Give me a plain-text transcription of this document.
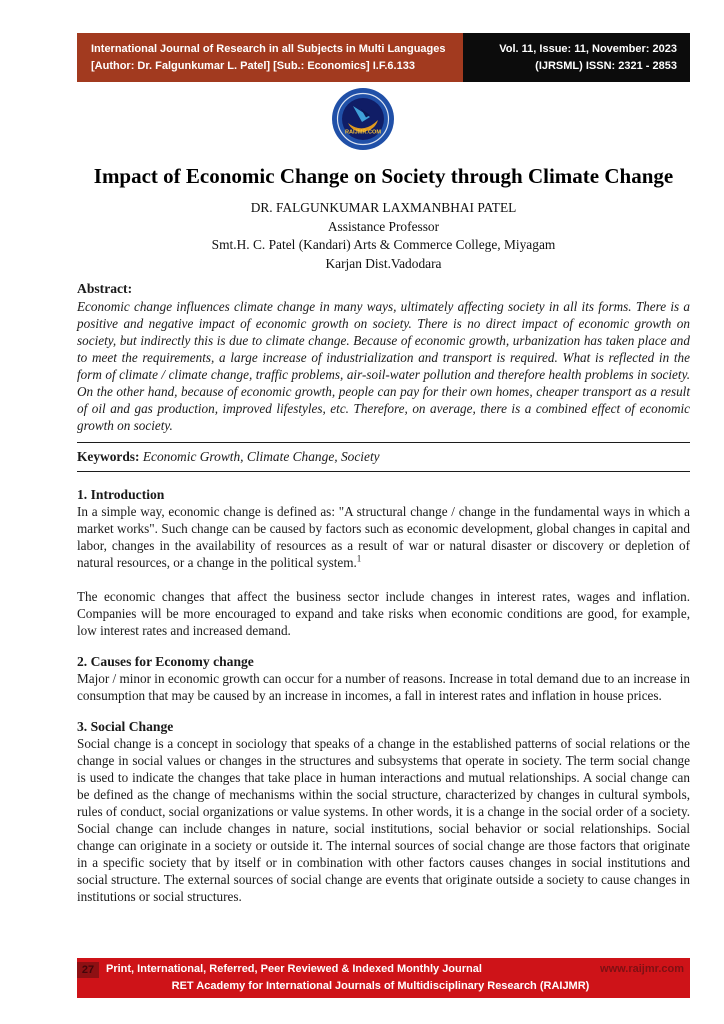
International Journal of Research in all Subjects in Multi Languages
[Author: Dr. Falgunkumar L. Patel] [Sub.: Economics] I.F.6.133
Vol. 11, Issue: 11, November: 2023
(IJRSML) ISSN: 2321 - 2853
RAIJMR.COM
Impact of Economic Change on Society through Climate Change
DR. FALGUNKUMAR LAXMANBHAI PATEL
Assistance Professor
Smt.H. C. Patel (Kandari) Arts & Commerce College, Miyagam
Karjan Dist.Vadodara
Abstract:

Economic change influences climate change in many ways, ultimately affecting society in all its forms. There is a positive and negative impact of economic growth on society. There is no direct impact of economic growth on society, but indirectly this is due to climate change. Because of economic growth, urbanization has taken place and to meet the requirements, a large increase of industrialization and transport is required. What is reflected in the form of climate / climate change, traffic problems, air-soil-water pollution and therefore health problems in society. On the other hand, because of economic growth, people can pay for their own homes, cheaper transport as a result of oil and gas production, improved lifestyles, etc. Therefore, on average, there is a combined effect of economic growth on society.

Keywords: Economic Growth, Climate Change, Society

1. Introduction

In a simple way, economic change is defined as: "A structural change / change in the fundamental ways in which a market works". Such change can be caused by factors such as economic development, global changes in capital and labor, changes in the availability of resources as a result of war or natural disaster or discovery or depletion of natural resources, or a change in the political system.$^1$

The economic changes that affect the business sector include changes in interest rates, wages and inflation. Companies will be more encouraged to expand and take risks when economic conditions are good, for example, low interest rates and increased demand.

2. Causes for Economy change

Major / minor in economic growth can occur for a number of reasons. Increase in total demand due to an increase in consumption that may be caused by an increase in incomes, a fall in interest rates and inflation in house prices.

3. Social Change

Social change is a concept in sociology that speaks of a change in the established patterns of social relations or the change in social values or changes in the structures and subsystems that operate in society. The term social change is used to indicate the changes that take place in human interactions and mutual relationships. A social change can be defined as the change of mechanisms within the social structure, characterized by changes in cultural symbols, rules of conduct, social organizations or value systems. In other words, it is a change in the social order of a society. Social change can include changes in nature, social institutions, social behavior or social relationships. Social change can originate in a society or outside it. The internal sources of social change are those factors that originate in a specific society that by itself or in combination with other factors causes changes in social institutions and social structure. The external sources of social change are events that originate outside a society to cause changes in institutions or social structures.

27	Print, International, Referred, Peer Reviewed & Indexed Monthly Journal	www.raijmr.com
RET Academy for International Journals of Multidisciplinary Research (RAIJMR)
